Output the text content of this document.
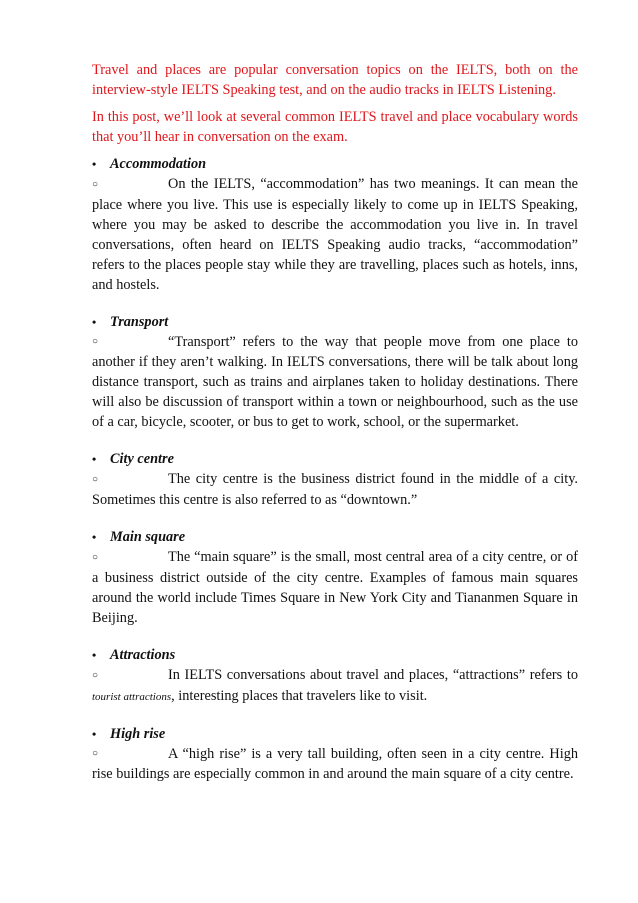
Travel and places are popular conversation topics on the IELTS, both on the interview-style IELTS Speaking test, and on the audio tracks in IELTS Listening.

In this post, we’ll look at several common IELTS travel and place vocabulary words that you’ll hear in conversation on the exam.

• Accommodation

○	On the IELTS, “accommodation” has two meanings. It can mean the place where you live. This use is especially likely to come up in IELTS Speaking, where you may be asked to describe the accommodation you live in. In travel conversations, often heard on IELTS Speaking audio tracks, “accommodation” refers to the places people stay while they are travelling, places such as hotels, inns, and hostels.

• Transport

○	“Transport” refers to the way that people move from one place to another if they aren’t walking. In IELTS conversations, there will be talk about long distance transport, such as trains and airplanes taken to holiday destinations. There will also be discussion of transport within a town or neighbourhood, such as the use of a car, bicycle, scooter, or bus to get to work, school, or the supermarket.

• City centre

○	The city centre is the business district found in the middle of a city. Sometimes this centre is also referred to as “downtown.”

• Main square

○	The “main square” is the small, most central area of a city centre, or of a business district outside of the city centre. Examples of famous main squares around the world include Times Square in New York City and Tiananmen Square in Beijing.

• Attractions

○	In IELTS conversations about travel and places, “attractions” refers to tourist attractions, interesting places that travelers like to visit.

• High rise

○	A “high rise” is a very tall building, often seen in a city centre. High rise buildings are especially common in and around the main square of a city centre.
